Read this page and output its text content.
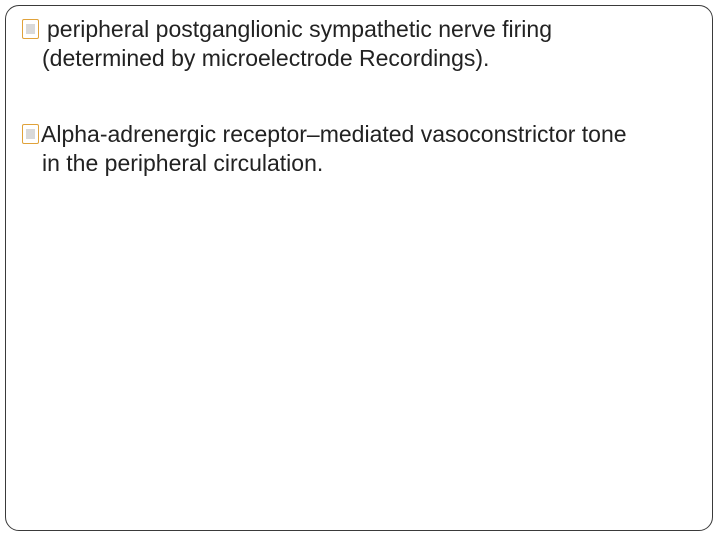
peripheral postganglionic sympathetic nerve firing
(determined by microelectrode Recordings).
Alpha-adrenergic receptor–mediated vasoconstrictor tone
in the peripheral circulation.
